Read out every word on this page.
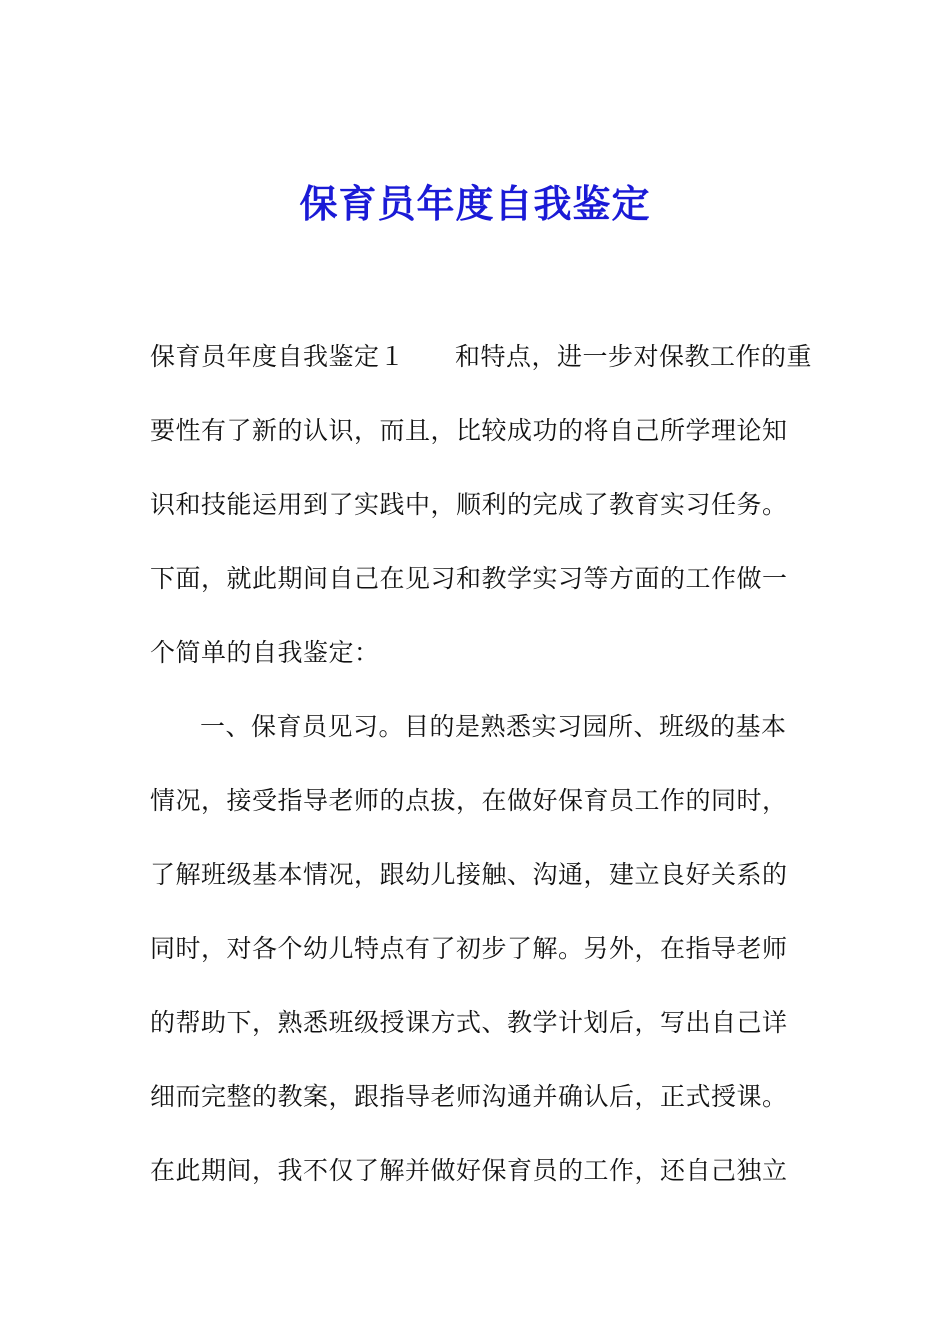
保育员年度自我鉴定
保育员年度自我鉴定１ 和特点，进一步对保教工作的重
要性有了新的认识，而且，比较成功的将自己所学理论知
识和技能运用到了实践中，顺利的完成了教育实习任务。
下面，就此期间自己在见习和教学实习等方面的工作做一
个简单的自我鉴定：
一、保育员见习。目的是熟悉实习园所、班级的基本
情况，接受指导老师的点拔，在做好保育员工作的同时，
了解班级基本情况，跟幼儿接触、沟通，建立良好关系的
同时，对各个幼儿特点有了初步了解。另外，在指导老师
的帮助下，熟悉班级授课方式、教学计划后，写出自己详
细而完整的教案，跟指导老师沟通并确认后，正式授课。
在此期间，我不仅了解并做好保育员的工作，还自己独立
